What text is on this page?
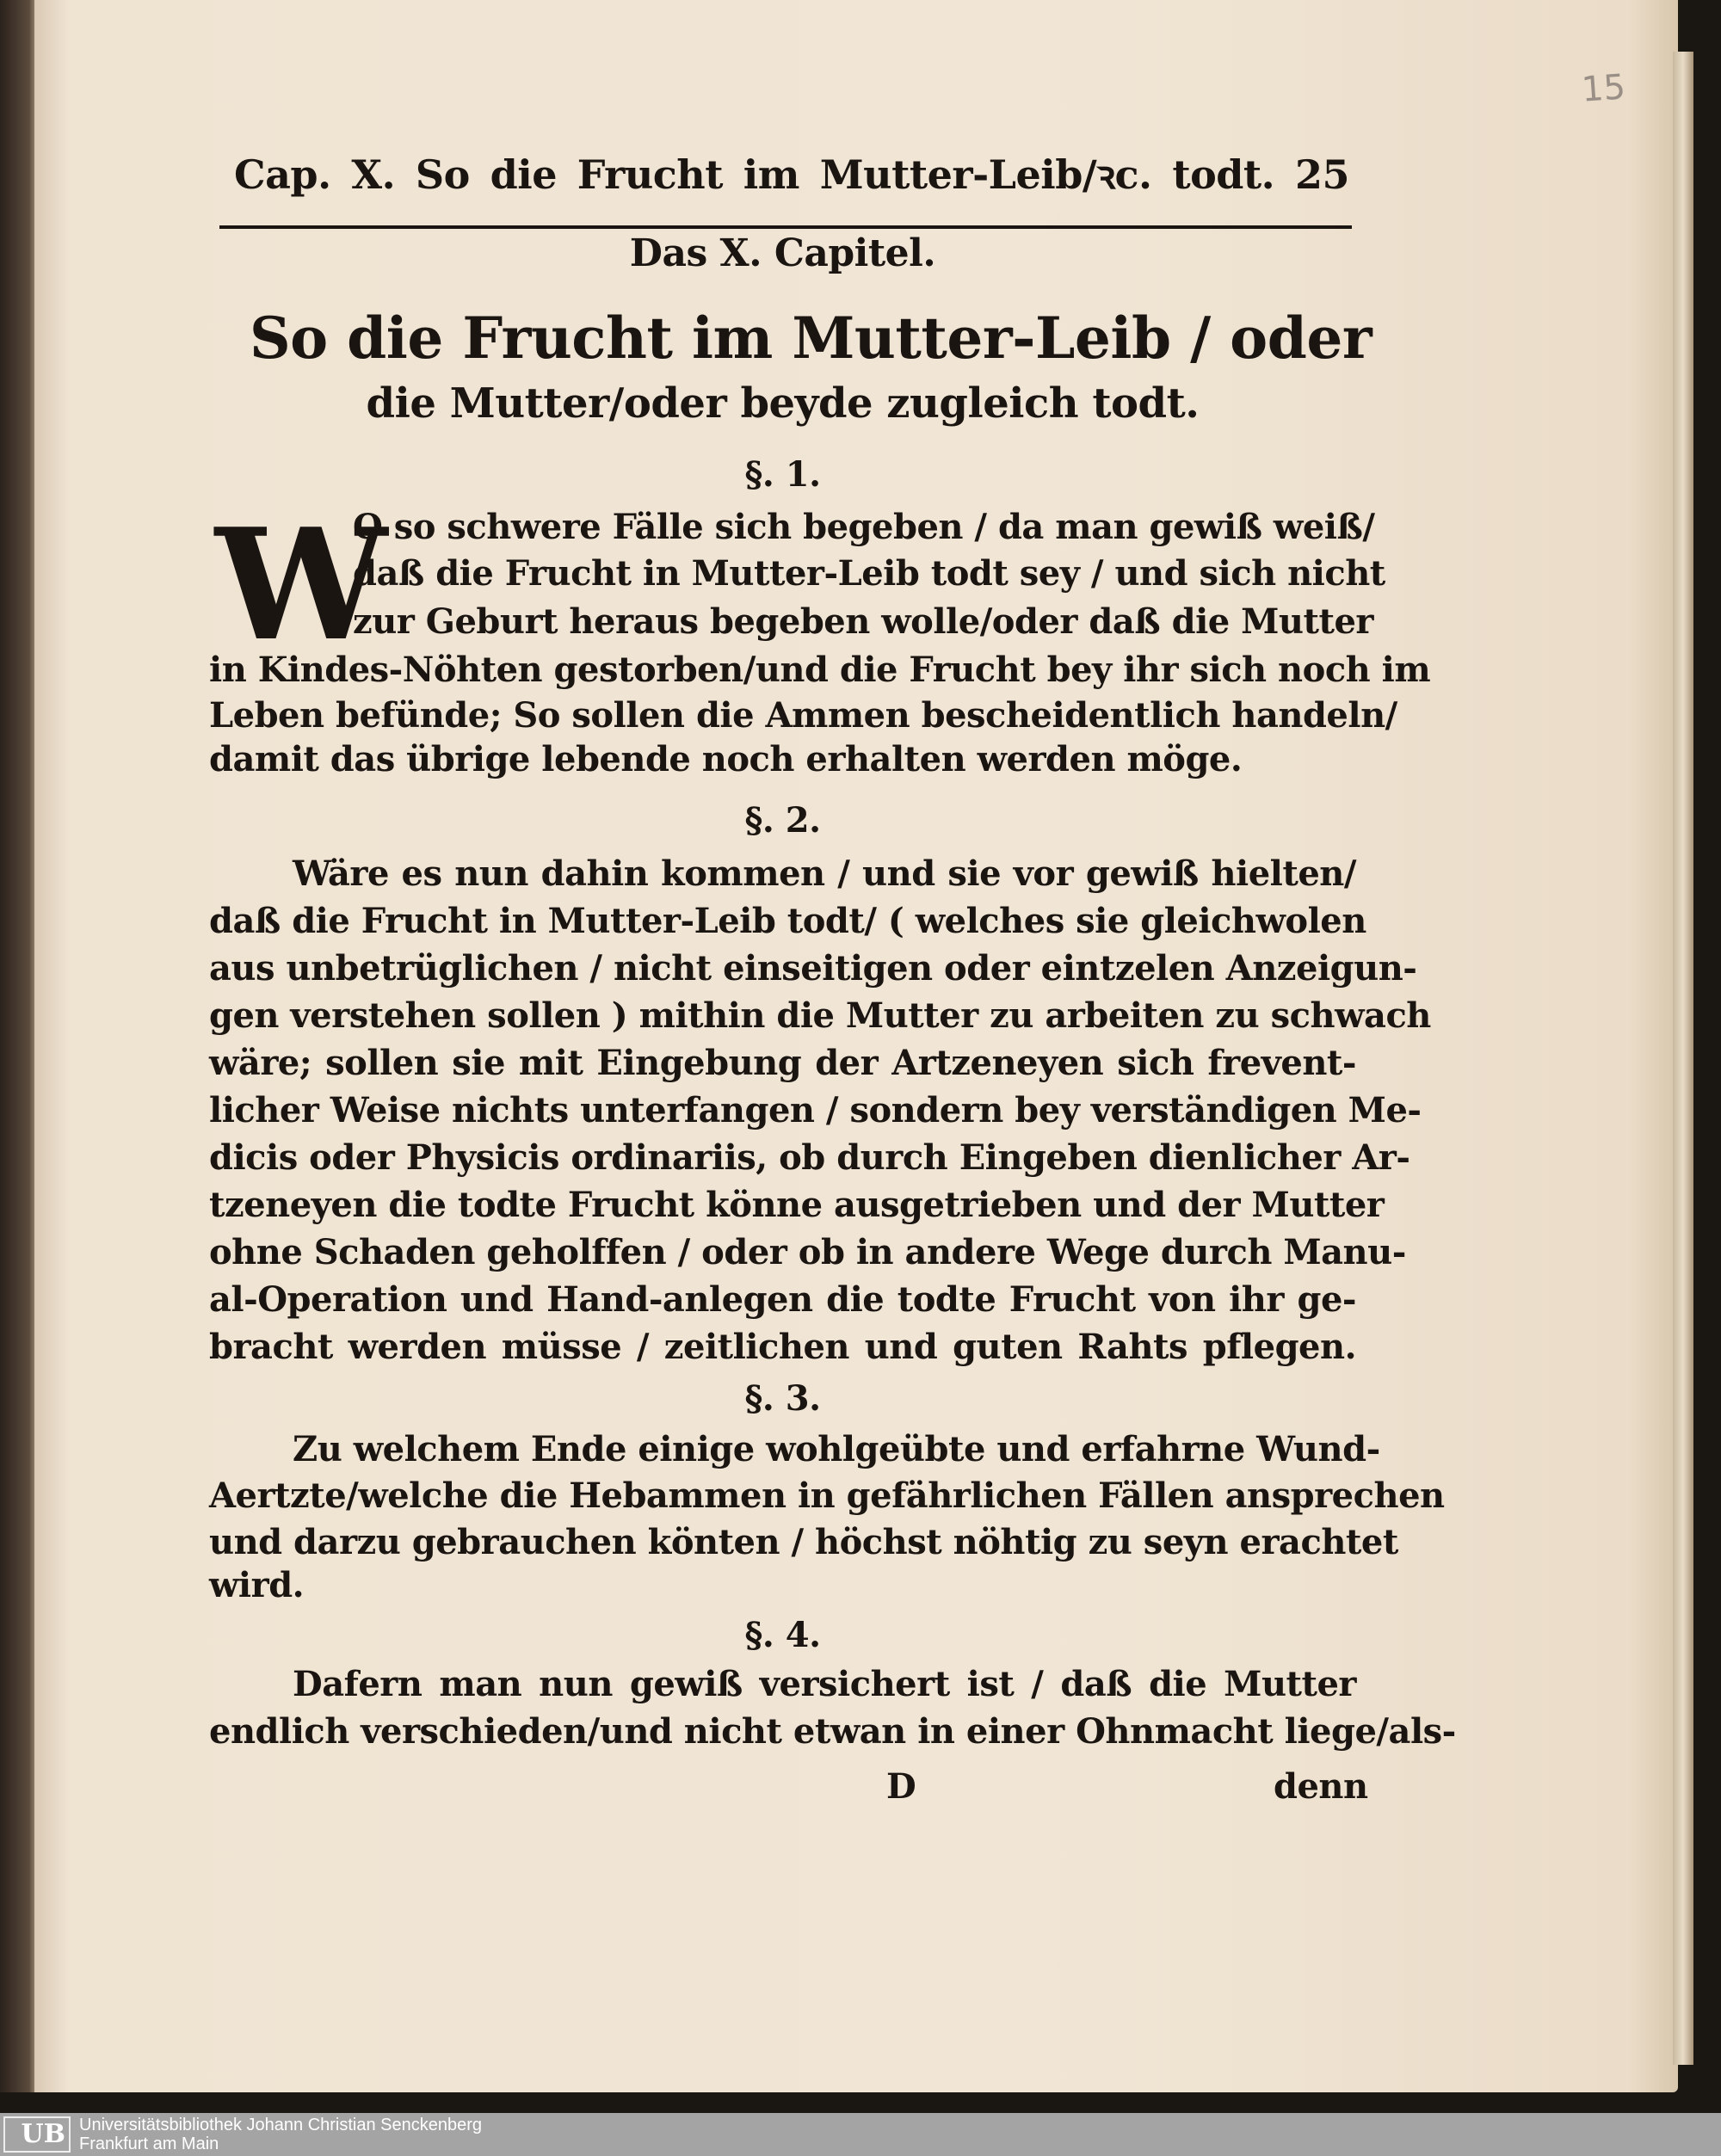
15
Cap. X. So die Frucht im Mutter-Leib/ꝛc. todt. 25
Das X. Capitel.
So die Frucht im Mutter-Leib / oder
die Mutter/oder beyde zugleich todt.
§. 1.
W
O so schwere Fälle sich begeben / da man gewiß weiß/
daß die Frucht in Mutter-Leib todt sey / und sich nicht
zur Geburt heraus begeben wolle/oder daß die Mutter
in Kindes-Nöhten gestorben/und die Frucht bey ihr sich noch im
Leben befünde; So sollen die Ammen bescheidentlich handeln/
damit das übrige lebende noch erhalten werden möge.
§. 2.
Wäre es nun dahin kommen / und sie vor gewiß hielten/
daß die Frucht in Mutter-Leib todt/ ( welches sie gleichwolen
aus unbetrüglichen / nicht einseitigen oder eintzelen Anzeigun-
gen verstehen sollen ) mithin die Mutter zu arbeiten zu schwach
wäre; sollen sie mit Eingebung der Artzeneyen sich frevent-
licher Weise nichts unterfangen / sondern bey verständigen Me-
dicis oder Physicis ordinariis, ob durch Eingeben dienlicher Ar-
tzeneyen die todte Frucht könne ausgetrieben und der Mutter
ohne Schaden geholffen / oder ob in andere Wege durch Manu-
al-Operation und Hand-anlegen die todte Frucht von ihr ge-
bracht werden müsse / zeitlichen und guten Rahts pflegen.
§. 3.
Zu welchem Ende einige wohlgeübte und erfahrne Wund-
Aertzte/welche die Hebammen in gefährlichen Fällen ansprechen
und darzu gebrauchen könten / höchst nöhtig zu seyn erachtet
wird.
§. 4.
Dafern man nun gewiß versichert ist / daß die Mutter
endlich verschieden/und nicht etwan in einer Ohnmacht liege/als-
D	denn
UB Universitätsbibliothek Johann Christian Senckenberg
Frankfurt am Main
